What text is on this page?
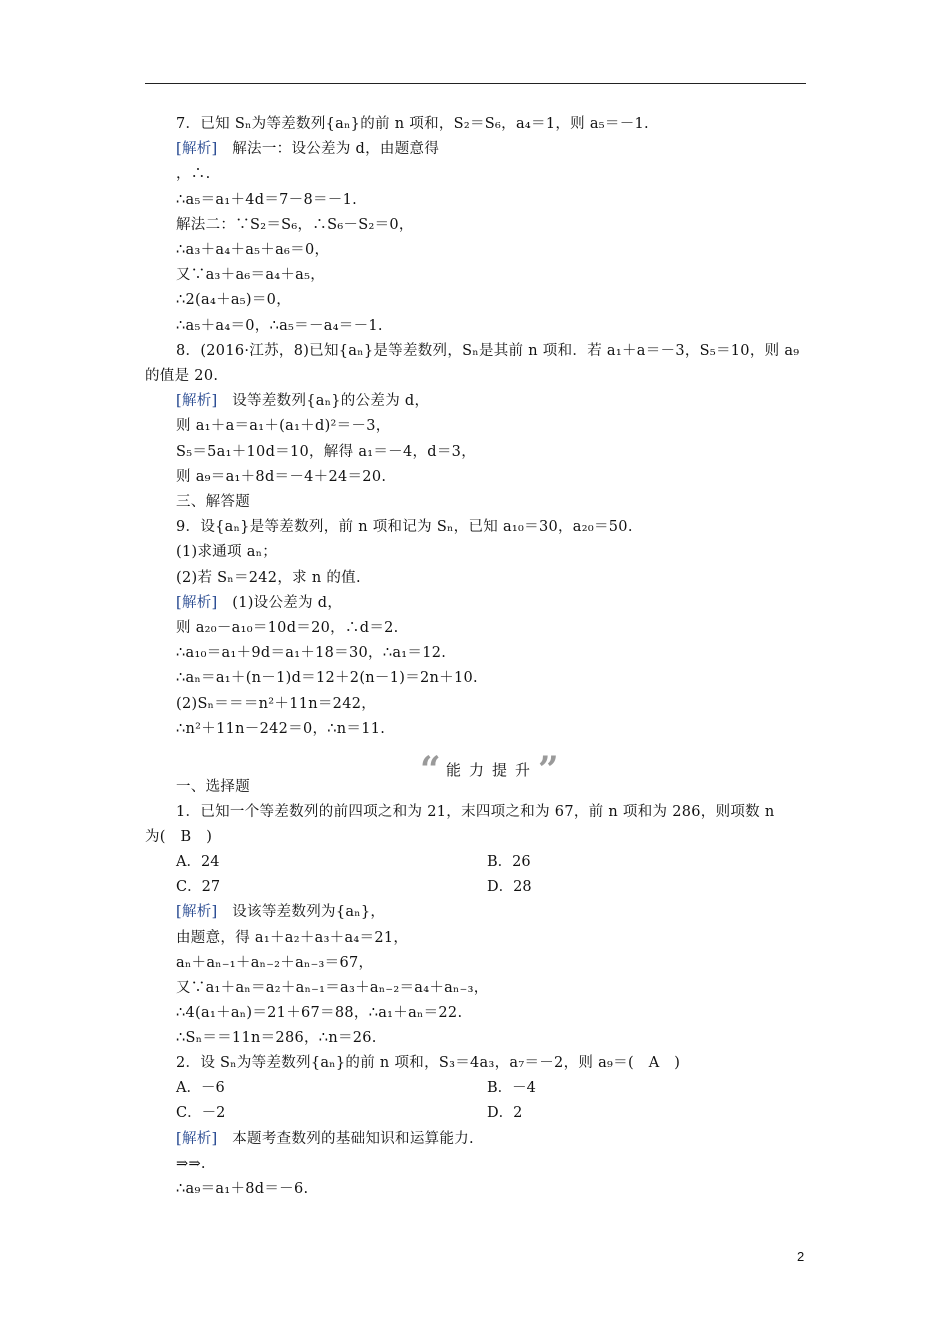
7．已知 Sₙ为等差数列{aₙ}的前 n 项和，S₂＝S₆，a₄＝1，则 a₅＝－1.
[解析]   解法一：设公差为 d，由题意得
，∴.
∴a₅＝a₁＋4d＝7－8＝－1.
解法二：∵S₂＝S₆，∴S₆－S₂＝0，
∴a₃＋a₄＋a₅＋a₆＝0，
又∵a₃＋a₆＝a₄＋a₅，
∴2(a₄＋a₅)＝0，
∴a₅＋a₄＝0，∴a₅＝－a₄＝－1.
8．(2016·江苏，8)已知{aₙ}是等差数列，Sₙ是其前 n 项和．若 a₁＋a＝－3，S₅＝10，则 a₉
的值是 20.
[解析]   设等差数列{aₙ}的公差为 d，
则 a₁＋a＝a₁＋(a₁＋d)²＝－3，
S₅＝5a₁＋10d＝10，解得 a₁＝－4，d＝3，
则 a₉＝a₁＋8d＝－4＋24＝20.
三、解答题
9．设{aₙ}是等差数列，前 n 项和记为 Sₙ，已知 a₁₀＝30，a₂₀＝50.
(1)求通项 aₙ；
(2)若 Sₙ＝242，求 n 的值.
[解析]   (1)设公差为 d，
则 a₂₀－a₁₀＝10d＝20，∴d＝2.
∴a₁₀＝a₁＋9d＝a₁＋18＝30，∴a₁＝12.
∴aₙ＝a₁＋(n－1)d＝12＋2(n－1)＝2n＋10.
(2)Sₙ＝＝＝n²＋11n＝242，
∴n²＋11n－242＝0，∴n＝11.
一、选择题
1．已知一个等差数列的前四项之和为 21，末四项之和为 67，前 n 项和为 286，则项数 n
为(　B　)
[解析]   设该等差数列为{aₙ}，
由题意，得 a₁＋a₂＋a₃＋a₄＝21，
aₙ＋aₙ₋₁＋aₙ₋₂＋aₙ₋₃＝67，
又∵a₁＋aₙ＝a₂＋aₙ₋₁＝a₃＋aₙ₋₂＝a₄＋aₙ₋₃，
∴4(a₁＋aₙ)＝21＋67＝88，∴a₁＋aₙ＝22.
∴Sₙ＝＝11n＝286，∴n＝26.
2．设 Sₙ为等差数列{aₙ}的前 n 项和，S₃＝4a₃，a₇＝－2，则 a₉＝(　A　)
[解析]   本题考查数列的基础知识和运算能力.
⇒⇒.
∴a₉＝a₁＋8d＝－6.
A．24	B．26
C．27	D．28
A．－6	B．－4
C．－2	D．2
“ 能力提升 ”
2
